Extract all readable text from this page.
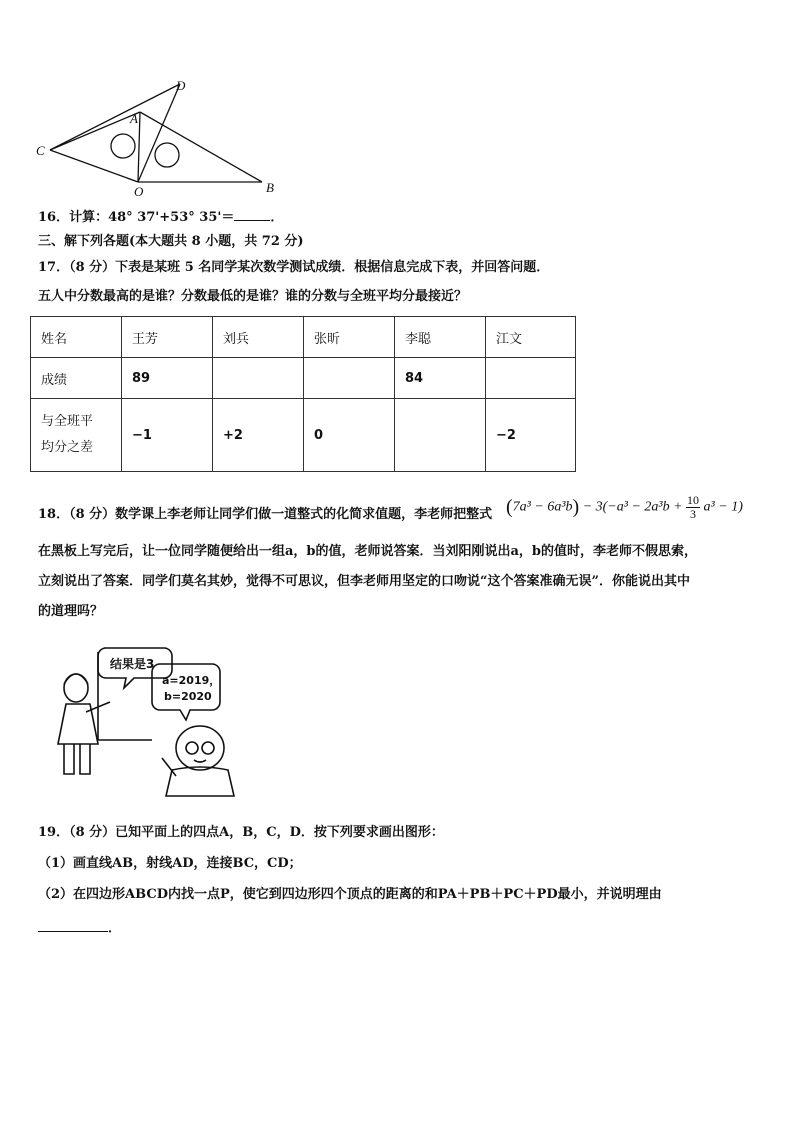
D
A
C
O	B
16．计算：48° 37'+53° 35'＝	．
三、解下列各题(本大题共 8 小题，共 72 分)
17．（8 分）下表是某班 5 名同学某次数学测试成绩．根据信息完成下表，并回答问题．
五人中分数最高的是谁？分数最低的是谁？谁的分数与全班平均分最接近？
姓名	王芳	刘兵	张昕	李聪	江文
成绩	89			84	
与全班平
均分之差	−1	+2	0		−2
18．（8 分）数学课上李老师让同学们做一道整式的化简求值题，李老师把整式 $(7a^3 - 6a^3b) - 3(-a^3 - 2a^3b + \frac{10}{3} a^3 - 1)$
在黑板上写完后，让一位同学随便给出一组a，b的值，老师说答案．当刘阳刚说出a，b的值时，李老师不假思索，
立刻说出了答案．同学们莫名其妙，觉得不可思议，但李老师用坚定的口吻说“这个答案准确无误”．你能说出其中
的道理吗？
结果是3
a=2019，
b=2020
19．（8 分）已知平面上的四点A，B，C，D．按下列要求画出图形：
（1）画直线AB，射线AD，连接BC，CD；
（2）在四边形ABCD内找一点P，使它到四边形四个顶点的距离的和PA＋PB＋PC＋PD最小，并说明理由
．
